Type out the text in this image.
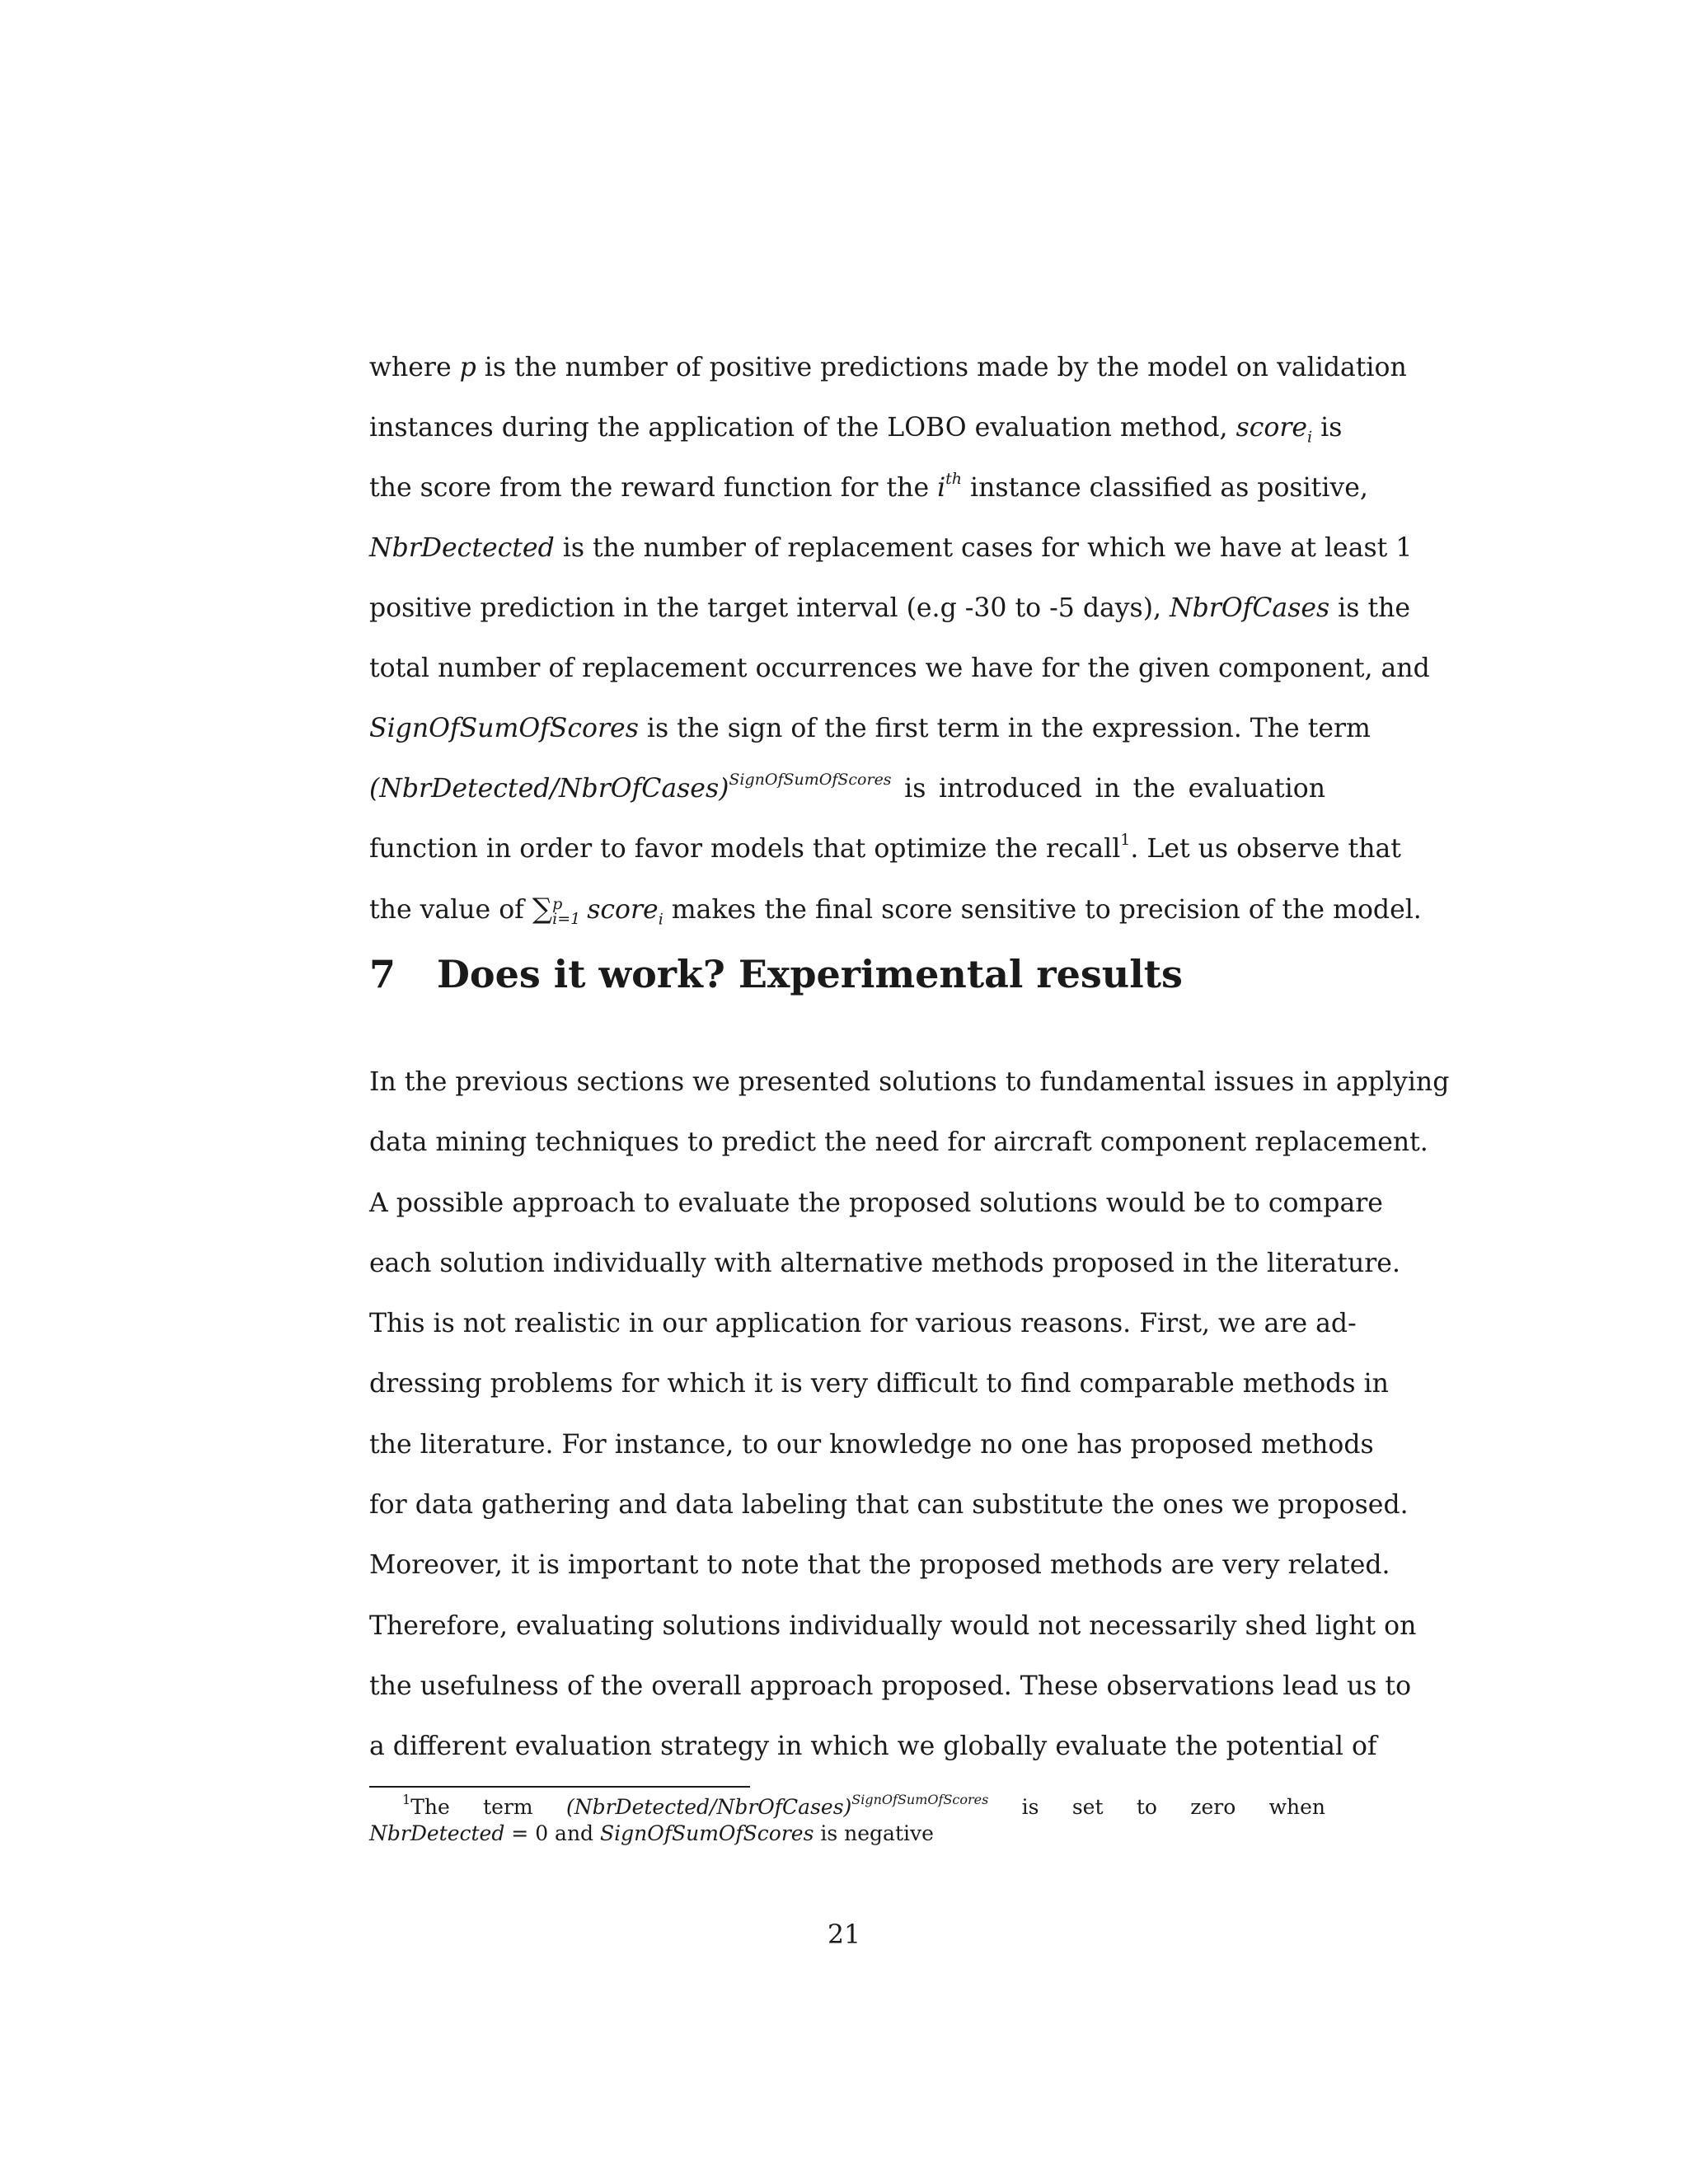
where p is the number of positive predictions made by the model on validation
instances during the application of the LOBO evaluation method, score$_i$ is
the score from the reward function for the $i^{th}$ instance classified as positive,
NbrDectected is the number of replacement cases for which we have at least 1
positive prediction in the target interval (e.g -30 to -5 days), NbrOfCases is the
total number of replacement occurrences we have for the given component, and
SignOfSumOfScores is the sign of the first term in the expression. The term
(NbrDetected/NbrOfCases)$^{SignOfSumOfScores}$ is introduced in the evaluation
function in order to favor models that optimize the recall$^1$. Let us observe that
the value of ∑ p
i=1 score$_i$ makes the final score sensitive to precision of the model.
7 Does it work? Experimental results
In the previous sections we presented solutions to fundamental issues in applying
data mining techniques to predict the need for aircraft component replacement.
A possible approach to evaluate the proposed solutions would be to compare
each solution individually with alternative methods proposed in the literature.
This is not realistic in our application for various reasons. First, we are ad-
dressing problems for which it is very difficult to find comparable methods in
the literature. For instance, to our knowledge no one has proposed methods
for data gathering and data labeling that can substitute the ones we proposed.
Moreover, it is important to note that the proposed methods are very related.
Therefore, evaluating solutions individually would not necessarily shed light on
the usefulness of the overall approach proposed. These observations lead us to
a different evaluation strategy in which we globally evaluate the potential of
$^1$The term (NbrDetected/NbrOfCases)$^{SignOfSumOfScores}$ is set to zero when
NbrDetected = 0 and SignOfSumOfScores is negative
21
